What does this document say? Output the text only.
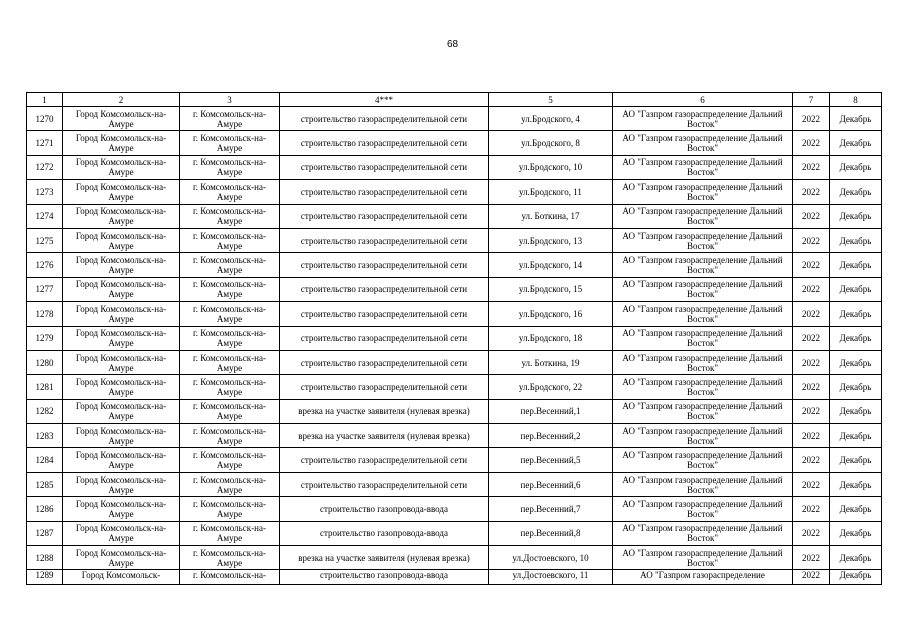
68
1	2	3	4***	5	6	7	8
1270	Город Комсомольск-на-Амуре	г. Комсомольск-на-Амуре	строительство газораспределительной сети	ул.Бродского, 4	АО "Газпром газораспределение Дальний Восток"	2022	Декабрь
1271	Город Комсомольск-на-Амуре	г. Комсомольск-на-Амуре	строительство газораспределительной сети	ул.Бродского, 8	АО "Газпром газораспределение Дальний Восток"	2022	Декабрь
1272	Город Комсомольск-на-Амуре	г. Комсомольск-на-Амуре	строительство газораспределительной сети	ул.Бродского, 10	АО "Газпром газораспределение Дальний Восток"	2022	Декабрь
1273	Город Комсомольск-на-Амуре	г. Комсомольск-на-Амуре	строительство газораспределительной сети	ул.Бродского, 11	АО "Газпром газораспределение Дальний Восток"	2022	Декабрь
1274	Город Комсомольск-на-Амуре	г. Комсомольск-на-Амуре	строительство газораспределительной сети	ул. Боткина, 17	АО "Газпром газораспределение Дальний Восток"	2022	Декабрь
1275	Город Комсомольск-на-Амуре	г. Комсомольск-на-Амуре	строительство газораспределительной сети	ул.Бродского, 13	АО "Газпром газораспределение Дальний Восток"	2022	Декабрь
1276	Город Комсомольск-на-Амуре	г. Комсомольск-на-Амуре	строительство газораспределительной сети	ул.Бродского, 14	АО "Газпром газораспределение Дальний Восток"	2022	Декабрь
1277	Город Комсомольск-на-Амуре	г. Комсомольск-на-Амуре	строительство газораспределительной сети	ул.Бродского, 15	АО "Газпром газораспределение Дальний Восток"	2022	Декабрь
1278	Город Комсомольск-на-Амуре	г. Комсомольск-на-Амуре	строительство газораспределительной сети	ул.Бродского, 16	АО "Газпром газораспределение Дальний Восток"	2022	Декабрь
1279	Город Комсомольск-на-Амуре	г. Комсомольск-на-Амуре	строительство газораспределительной сети	ул.Бродского, 18	АО "Газпром газораспределение Дальний Восток"	2022	Декабрь
1280	Город Комсомольск-на-Амуре	г. Комсомольск-на-Амуре	строительство газораспределительной сети	ул. Боткина, 19	АО "Газпром газораспределение Дальний Восток"	2022	Декабрь
1281	Город Комсомольск-на-Амуре	г. Комсомольск-на-Амуре	строительство газораспределительной сети	ул.Бродского, 22	АО "Газпром газораспределение Дальний Восток"	2022	Декабрь
1282	Город Комсомольск-на-Амуре	г. Комсомольск-на-Амуре	врезка на участке заявителя (нулевая врезка)	пер.Весенний,1	АО "Газпром газораспределение Дальний Восток"	2022	Декабрь
1283	Город Комсомольск-на-Амуре	г. Комсомольск-на-Амуре	врезка на участке заявителя (нулевая врезка)	пер.Весенний,2	АО "Газпром газораспределение Дальний Восток"	2022	Декабрь
1284	Город Комсомольск-на-Амуре	г. Комсомольск-на-Амуре	строительство газораспределительной сети	пер.Весенний,5	АО "Газпром газораспределение Дальний Восток"	2022	Декабрь
1285	Город Комсомольск-на-Амуре	г. Комсомольск-на-Амуре	строительство газораспределительной сети	пер.Весенний,6	АО "Газпром газораспределение Дальний Восток"	2022	Декабрь
1286	Город Комсомольск-на-Амуре	г. Комсомольск-на-Амуре	строительство газопровода-ввода	пер.Весенний,7	АО "Газпром газораспределение Дальний Восток"	2022	Декабрь
1287	Город Комсомольск-на-Амуре	г. Комсомольск-на-Амуре	строительство газопровода-ввода	пер.Весенний,8	АО "Газпром газораспределение Дальний Восток"	2022	Декабрь
1288	Город Комсомольск-на-Амуре	г. Комсомольск-на-Амуре	врезка на участке заявителя (нулевая врезка)	ул.Достоевского, 10	АО "Газпром газораспределение Дальний Восток"	2022	Декабрь
1289	Город Комсомольск-	г. Комсомольск-на-	строительство газопровода-ввода	ул.Достоевского, 11	АО "Газпром газораспределение	2022	Декабрь
